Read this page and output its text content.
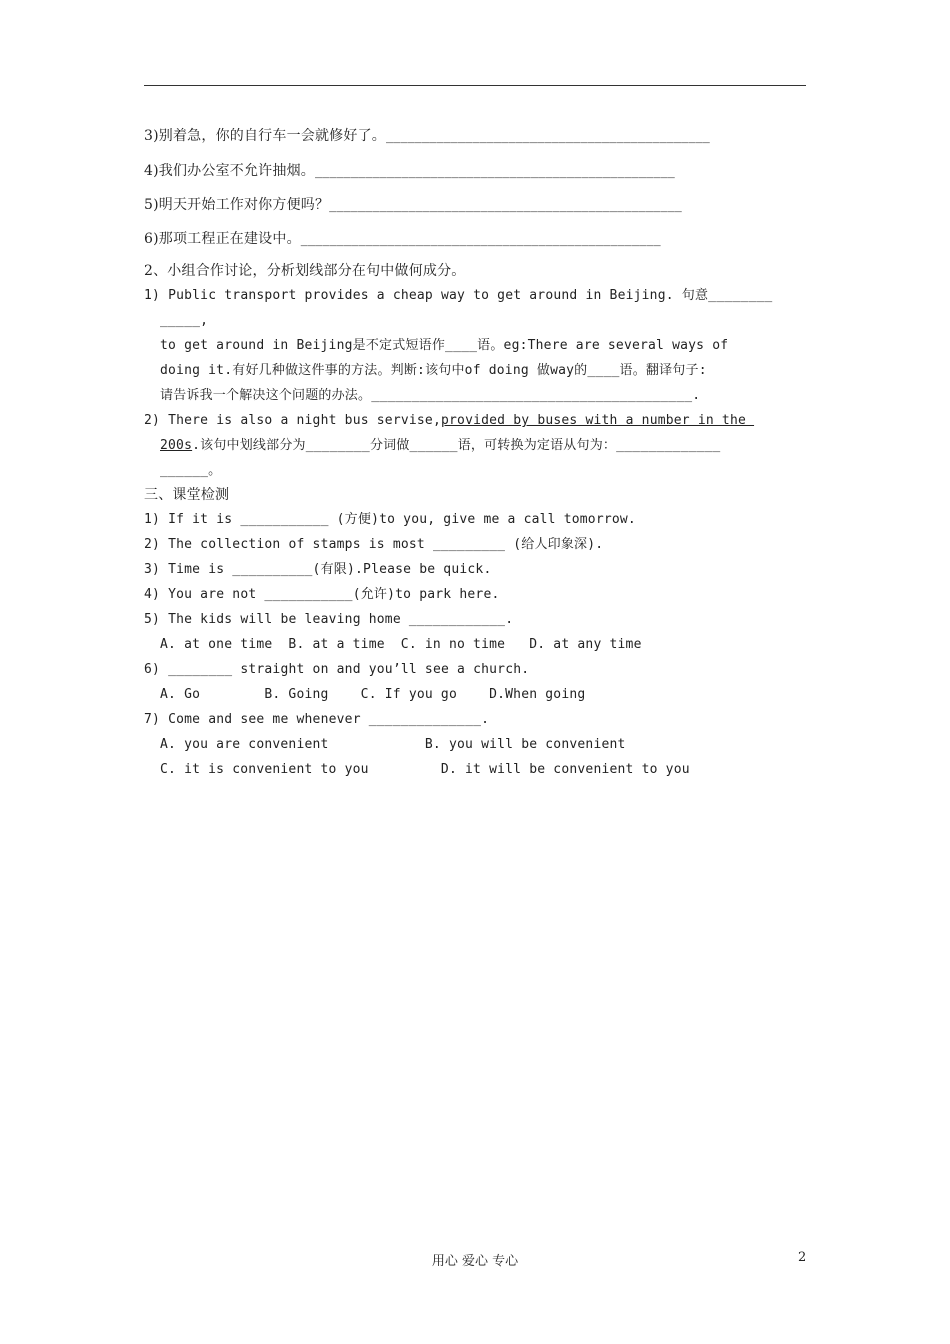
3)别着急，你的自行车一会就修好了。_____________________________________________
4)我们办公室不允许抽烟。__________________________________________________
5)明天开始工作对你方便吗？_________________________________________________
6)那项工程正在建设中。__________________________________________________
2、小组合作讨论，分析划线部分在句中做何成分。
1) Public transport provides a cheap way to get around in Beijing. 句意________
_____,
to get around in Beijing是不定式短语作____语。eg:There are several ways of
doing it.有好几种做这件事的方法。判断:该句中of doing 做way的____语。翻译句子:
请告诉我一个解决这个问题的办法。________________________________________.
2) There is also a night bus servise,provided by buses with a number in the
200s.该句中划线部分为________分词做______语，可转换为定语从句为：_____________
______。
三、课堂检测
1) If it is ___________ (方便)to you, give me a call tomorrow.
2) The collection of stamps is most _________ (给人印象深).
3) Time is __________(有限).Please be quick.
4) You are not ___________(允许)to park here.
5) The kids will be leaving home ____________.
A. at one time  B. at a time  C. in no time   D. at any time
6) ________ straight on and you’ll see a church.
A. Go        B. Going    C. If you go    D.When going
7) Come and see me whenever ______________.
A. you are convenient            B. you will be convenient
C. it is convenient to you         D. it will be convenient to you
用心 爱心 专心	2
